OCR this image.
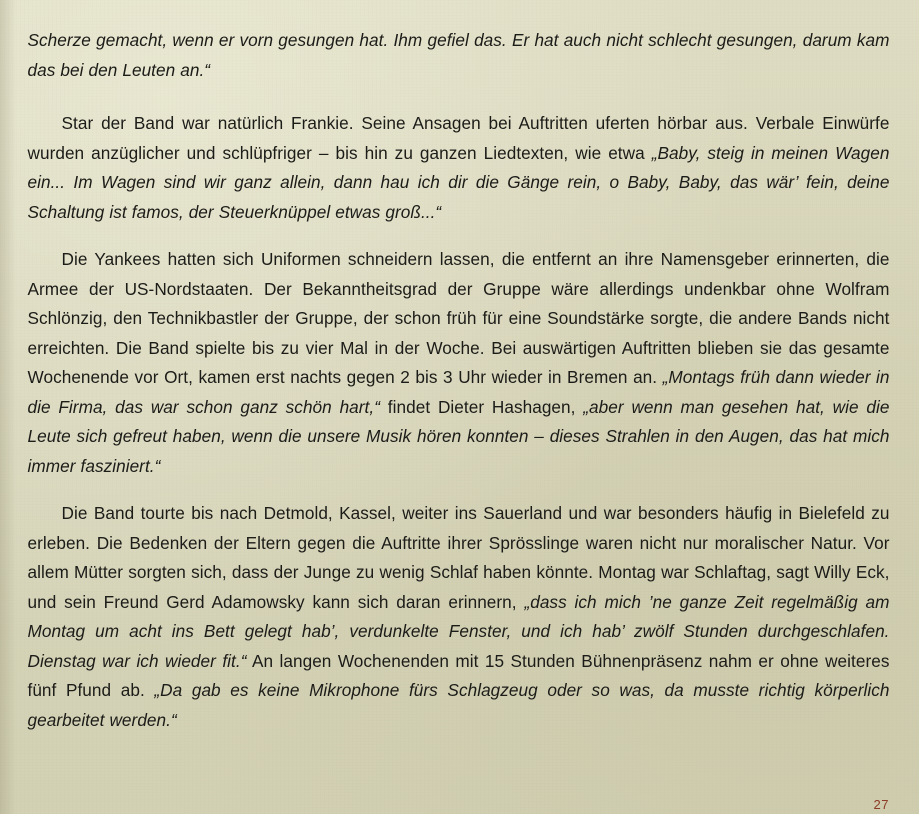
Scherze gemacht, wenn er vorn gesungen hat. Ihm gefiel das. Er hat auch nicht schlecht gesungen, darum kam das bei den Leuten an.“

Star der Band war natürlich Frankie. Seine Ansagen bei Auftritten uferten hörbar aus. Verbale Einwürfe wurden anzüglicher und schlüpfriger – bis hin zu ganzen Liedtexten, wie etwa „Baby, steig in meinen Wagen ein... Im Wagen sind wir ganz allein, dann hau ich dir die Gänge rein, o Baby, Baby, das wär’ fein, deine Schaltung ist famos, der Steuerknüppel etwas groß...“

Die Yankees hatten sich Uniformen schneidern lassen, die entfernt an ihre Namensgeber erinnerten, die Armee der US-Nordstaaten. Der Bekanntheitsgrad der Gruppe wäre allerdings undenkbar ohne Wolfram Schlönzig, den Technikbastler der Gruppe, der schon früh für eine Soundstärke sorgte, die andere Bands nicht erreichten. Die Band spielte bis zu vier Mal in der Woche. Bei auswärtigen Auftritten blieben sie das gesamte Wochenende vor Ort, kamen erst nachts gegen 2 bis 3 Uhr wieder in Bremen an. „Montags früh dann wieder in die Firma, das war schon ganz schön hart,“ findet Dieter Hashagen, „aber wenn man gesehen hat, wie die Leute sich gefreut haben, wenn die unsere Musik hören konnten – dieses Strahlen in den Augen, das hat mich immer fasziniert.“

Die Band tourte bis nach Detmold, Kassel, weiter ins Sauerland und war besonders häufig in Bielefeld zu erleben. Die Bedenken der Eltern gegen die Auftritte ihrer Sprösslinge waren nicht nur moralischer Natur. Vor allem Mütter sorgten sich, dass der Junge zu wenig Schlaf haben könnte. Montag war Schlaftag, sagt Willy Eck, und sein Freund Gerd Adamowsky kann sich daran erinnern, „dass ich mich ’ne ganze Zeit regelmäßig am Montag um acht ins Bett gelegt hab’, verdunkelte Fenster, und ich hab’ zwölf Stunden durchgeschlafen. Dienstag war ich wieder fit.“ An langen Wochenenden mit 15 Stunden Bühnenpräsenz nahm er ohne weiteres fünf Pfund ab. „Da gab es keine Mikrophone fürs Schlagzeug oder so was, da musste richtig körperlich gearbeitet werden.“

27
